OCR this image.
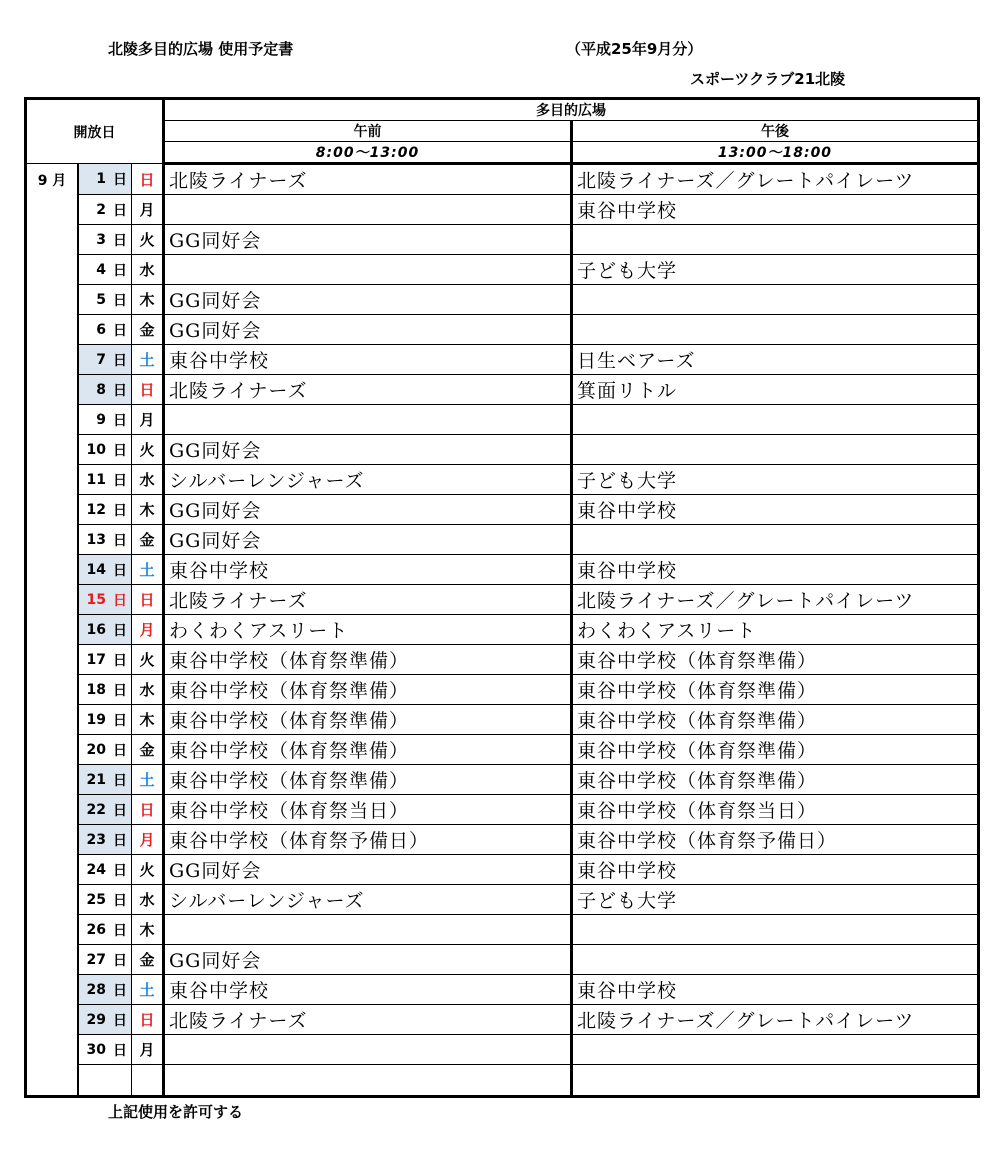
北陵多目的広場 使用予定書	（平成25年9月分）
スポーツクラブ21北陵
開放日				多目的広場	
				午前	午後
				8:00～13:00	13:00～18:00
9 月	1	日	日	北陵ライナーズ	北陵ライナーズ／グレートパイレーツ
	2	日	月		東谷中学校
	3	日	火	GG同好会	
	4	日	水		子ども大学
	5	日	木	GG同好会	
	6	日	金	GG同好会	
	7	日	土	東谷中学校	日生ベアーズ
	8	日	日	北陵ライナーズ	箕面リトル
	9	日	月		
	10	日	火	GG同好会	
	11	日	水	シルバーレンジャーズ	子ども大学
	12	日	木	GG同好会	東谷中学校
	13	日	金	GG同好会	
	14	日	土	東谷中学校	東谷中学校
	15	日	日	北陵ライナーズ	北陵ライナーズ／グレートパイレーツ
	16	日	月	わくわくアスリート	わくわくアスリート
	17	日	火	東谷中学校（体育祭準備）	東谷中学校（体育祭準備）
	18	日	水	東谷中学校（体育祭準備）	東谷中学校（体育祭準備）
	19	日	木	東谷中学校（体育祭準備）	東谷中学校（体育祭準備）
	20	日	金	東谷中学校（体育祭準備）	東谷中学校（体育祭準備）
	21	日	土	東谷中学校（体育祭準備）	東谷中学校（体育祭準備）
	22	日	日	東谷中学校（体育祭当日）	東谷中学校（体育祭当日）
	23	日	月	東谷中学校（体育祭予備日）	東谷中学校（体育祭予備日）
	24	日	火	GG同好会	東谷中学校
	25	日	水	シルバーレンジャーズ	子ども大学
	26	日	木		
	27	日	金	GG同好会	
	28	日	土	東谷中学校	東谷中学校
	29	日	日	北陵ライナーズ	北陵ライナーズ／グレートパイレーツ
	30	日	月		

上記使用を許可する
